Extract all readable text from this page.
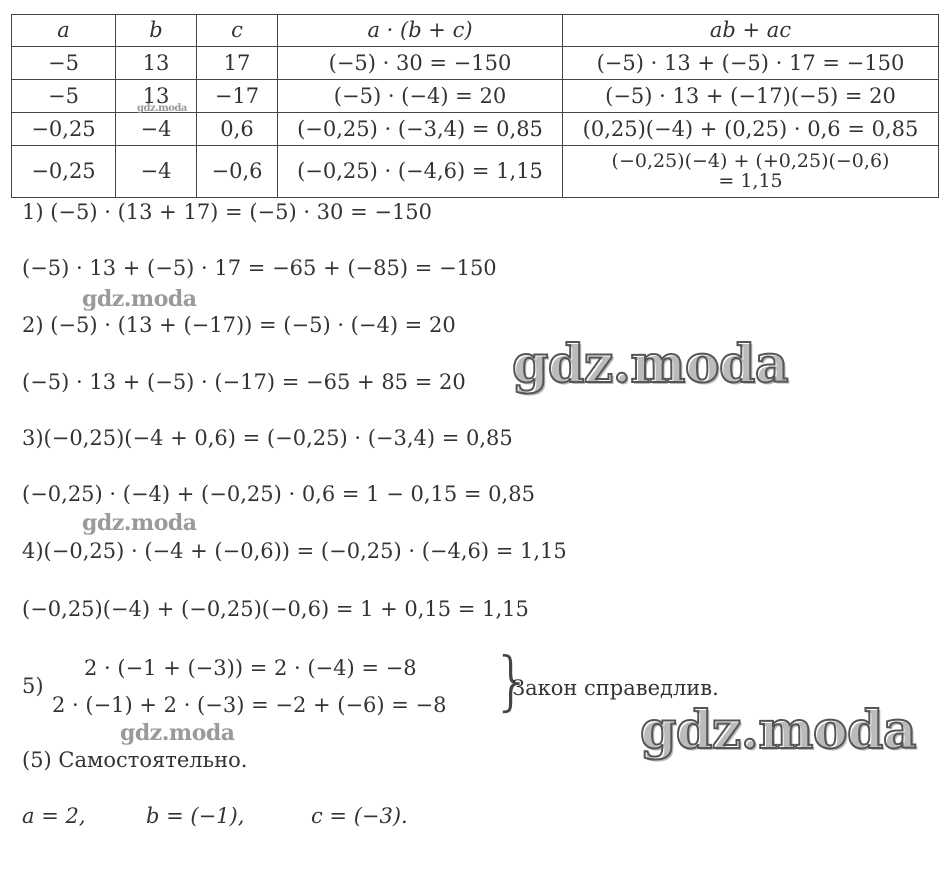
a	b	c	a · (b + c)	ab + ac
−5	13	17	(−5) · 30 = −150	(−5) · 13 + (−5) · 17 = −150
−5	13	−17	(−5) · (−4) = 20	(−5) · 13 + (−17)(−5) = 20
−0,25	−4	0,6	(−0,25) · (−3,4) = 0,85	(0,25)(−4) + (0,25) · 0,6 = 0,85
−0,25	−4	−0,6	(−0,25) · (−4,6) = 1,15	(−0,25)(−4) + (+0,25)(−0,6)
= 1,15
gdz.moda
1) (−5) · (13 + 17) = (−5) · 30 = −150
(−5) · 13 + (−5) · 17 = −65 + (−85) = −150
gdz.moda
2) (−5) · (13 + (−17)) = (−5) · (−4) = 20
(−5) · 13 + (−5) · (−17) = −65 + 85 = 20 gdz.moda
3)(−0,25)(−4 + 0,6) = (−0,25) · (−3,4) = 0,85
(−0,25) · (−4) + (−0,25) · 0,6 = 1 − 0,15 = 0,85
gdz.moda
4)(−0,25) · (−4 + (−0,6)) = (−0,25) · (−4,6) = 1,15
(−0,25)(−4) + (−0,25)(−0,6) = 1 + 0,15 = 1,15
5)
2 · (−1 + (−3)) = 2 · (−4) = −8
2 · (−1) + 2 · (−3) = −2 + (−6) = −8 }
Закон справедлив.
gdz.moda	gdz.moda
(5) Самостоятельно.
a = 2,	b = (−1),	c = (−3).
